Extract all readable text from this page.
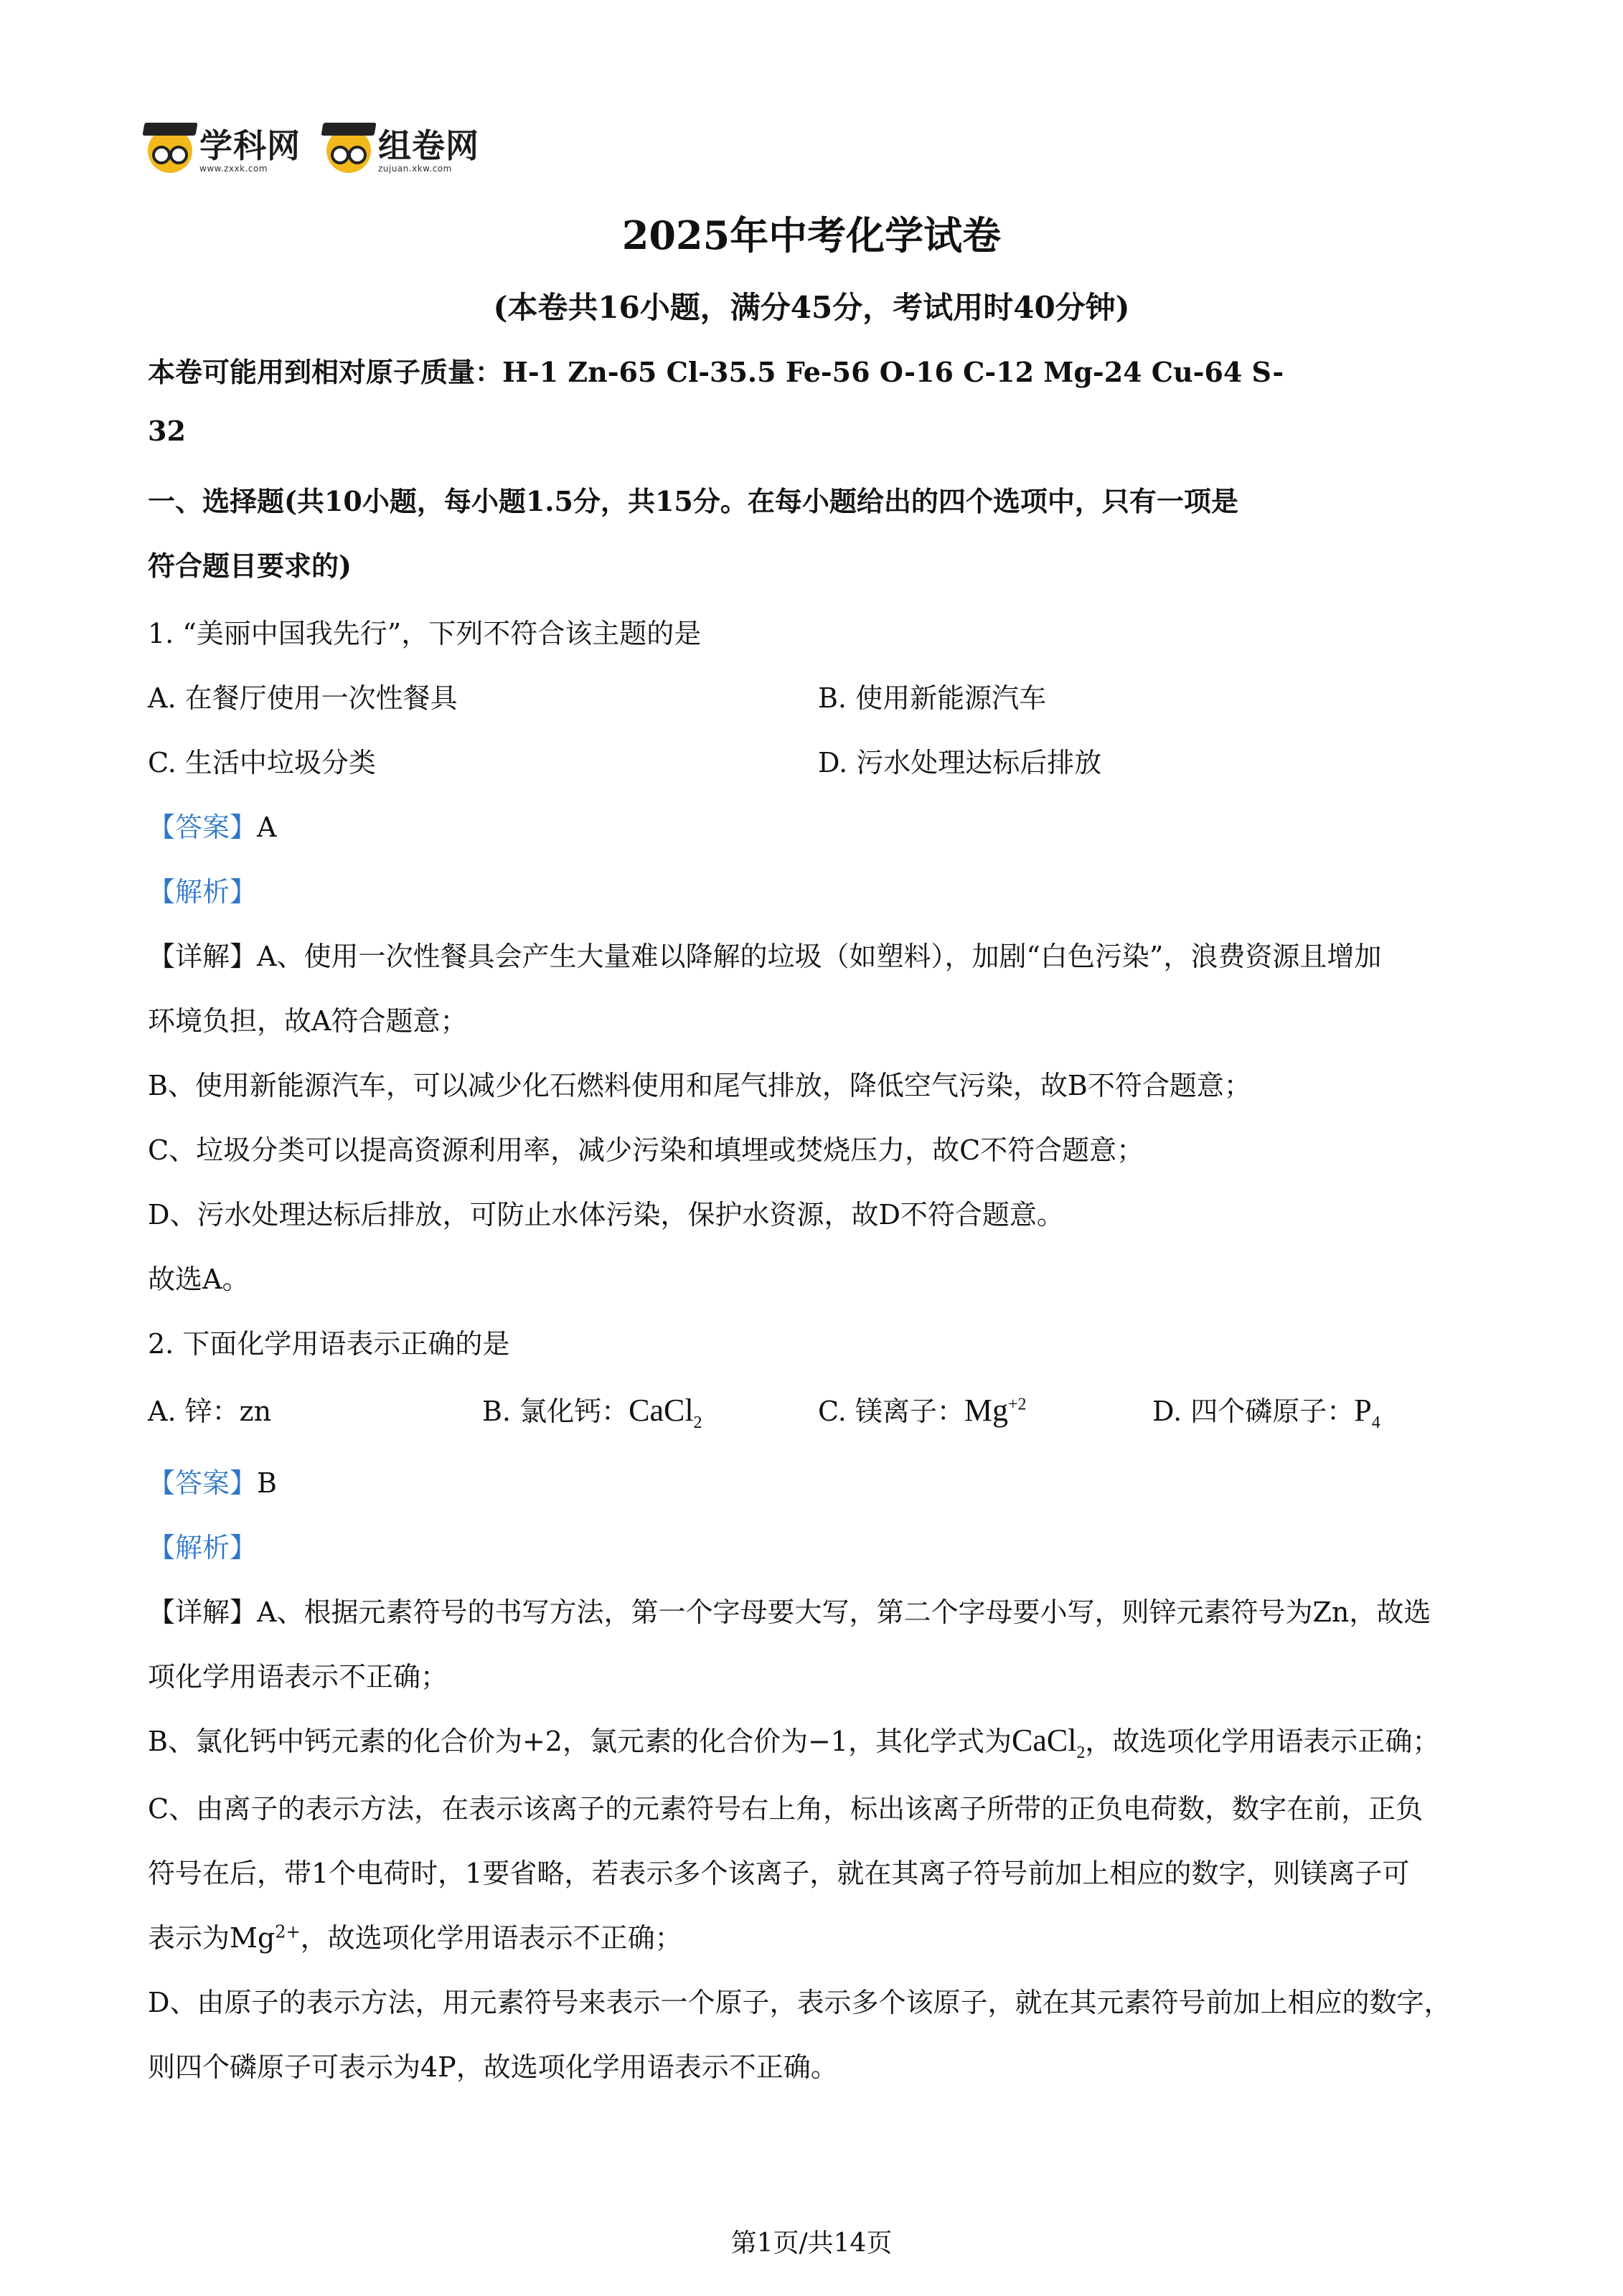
学科网
www.zxxk.com
组卷网
zujuan.xkw.com
2025年中考化学试卷
(本卷共16小题，满分45分，考试用时40分钟)
本卷可能用到相对原子质量：H-1 Zn-65 Cl-35.5 Fe-56 O-16 C-12 Mg-24 Cu-64 S-
32
一、选择题(共10小题，每小题1.5分，共15分。在每小题给出的四个选项中，只有一项是
符合题目要求的)
1. “美丽中国我先行”，下列不符合该主题的是
A. 在餐厅使用一次性餐具	B. 使用新能源汽车
C. 生活中垃圾分类	D. 污水处理达标后排放
【答案】A
【解析】
【详解】A、使用一次性餐具会产生大量难以降解的垃圾（如塑料），加剧“白色污染”，浪费资源且增加
环境负担，故A符合题意；
B、使用新能源汽车，可以减少化石燃料使用和尾气排放，降低空气污染，故B不符合题意；
C、垃圾分类可以提高资源利用率，减少污染和填埋或焚烧压力，故C不符合题意；
D、污水处理达标后排放，可防止水体污染，保护水资源，故D不符合题意。
故选A。
2. 下面化学用语表示正确的是
A. 锌：zn	B. 氯化钙：CaCl$_2$	C. 镁离子：$Mg^{+2}$	D. 四个磷原子：$P_4$
【答案】B
【解析】
【详解】A、根据元素符号的书写方法，第一个字母要大写，第二个字母要小写，则锌元素符号为Zn，故选
项化学用语表示不正确；
B、氯化钙中钙元素的化合价为+2，氯元素的化合价为−1，其化学式为CaCl$_2$，故选项化学用语表示正确；
C、由离子的表示方法，在表示该离子的元素符号右上角，标出该离子所带的正负电荷数，数字在前，正负
符号在后，带1个电荷时，1要省略，若表示多个该离子，就在其离子符号前加上相应的数字，则镁离子可
表示为$Mg^{2+}$，故选项化学用语表示不正确；
D、由原子的表示方法，用元素符号来表示一个原子，表示多个该原子，就在其元素符号前加上相应的数字，
则四个磷原子可表示为4P，故选项化学用语表示不正确。
第1页/共14页
